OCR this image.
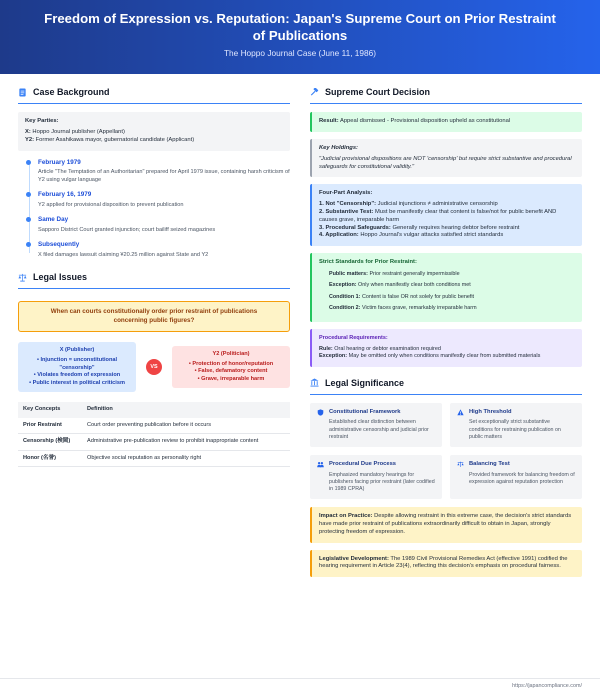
Freedom of Expression vs. Reputation: Japan's Supreme Court on Prior Restraint of Publications
The Hoppo Journal Case (June 11, 1986)
Case Background
Key Parties:
X: Hoppo Journal publisher (Appellant)
Y2: Former Asahikawa mayor, gubernatorial candidate (Applicant)
February 1979
Article "The Temptation of an Authoritarian" prepared for April 1979 issue, containing harsh criticism of Y2 using vulgar language
February 16, 1979
Y2 applied for provisional disposition to prevent publication
Same Day
Sapporo District Court granted injunction; court bailiff seized magazines
Subsequently
X filed damages lawsuit claiming ¥20.25 million against State and Y2
Legal Issues
When can courts constitutionally order prior restraint of publications concerning public figures?
X (Publisher)
• Injunction = unconstitutional "censorship"
• Violates freedom of expression
• Public interest in political criticism
VS
Y2 (Politician)
• Protection of honor/reputation
• False, defamatory content
• Grave, irreparable harm
Key Concepts	Definition
Prior Restraint	Court order preventing publication before it occurs
Censorship (検閲)	Administrative pre-publication review to prohibit inappropriate content
Honor (名誉)	Objective social reputation as personality right
Supreme Court Decision
Result: Appeal dismissed - Provisional disposition upheld as constitutional
Key Holdings:
"Judicial provisional dispositions are NOT 'censorship' but require strict substantive and procedural safeguards for constitutional validity."
Four-Part Analysis:
1. Not "Censorship": Judicial injunctions ≠ administrative censorship
2. Substantive Test: Must be manifestly clear that content is false/not for public benefit AND causes grave, irreparable harm
3. Procedural Safeguards: Generally requires hearing debtor before restraint
4. Application: Hoppo Journal's vulgar attacks satisfied strict standards
Strict Standards for Prior Restraint:
Public matters: Prior restraint generally impermissible
Exception: Only when manifestly clear both conditions met
Condition 1: Content is false OR not solely for public benefit
Condition 2: Victim faces grave, remarkably irreparable harm
Procedural Requirements:
Rule: Oral hearing or debtor examination required
Exception: May be omitted only when conditions manifestly clear from submitted materials
Legal Significance
Constitutional Framework
Established clear distinction between administrative censorship and judicial prior restraint
High Threshold
Set exceptionally strict substantive conditions for restraining publication on public matters
Procedural Due Process
Emphasized mandatory hearings for publishers facing prior restraint (later codified in 1989 CPRA)
Balancing Test
Provided framework for balancing freedom of expression against reputation protection
Impact on Practice: Despite allowing restraint in this extreme case, the decision's strict standards have made prior restraint of publications extraordinarily difficult to obtain in Japan, strongly protecting freedom of expression.
Legislative Development: The 1989 Civil Provisional Remedies Act (effective 1991) codified the hearing requirement in Article 23(4), reflecting this decision's emphasis on procedural fairness.
https://japancompliance.com/
